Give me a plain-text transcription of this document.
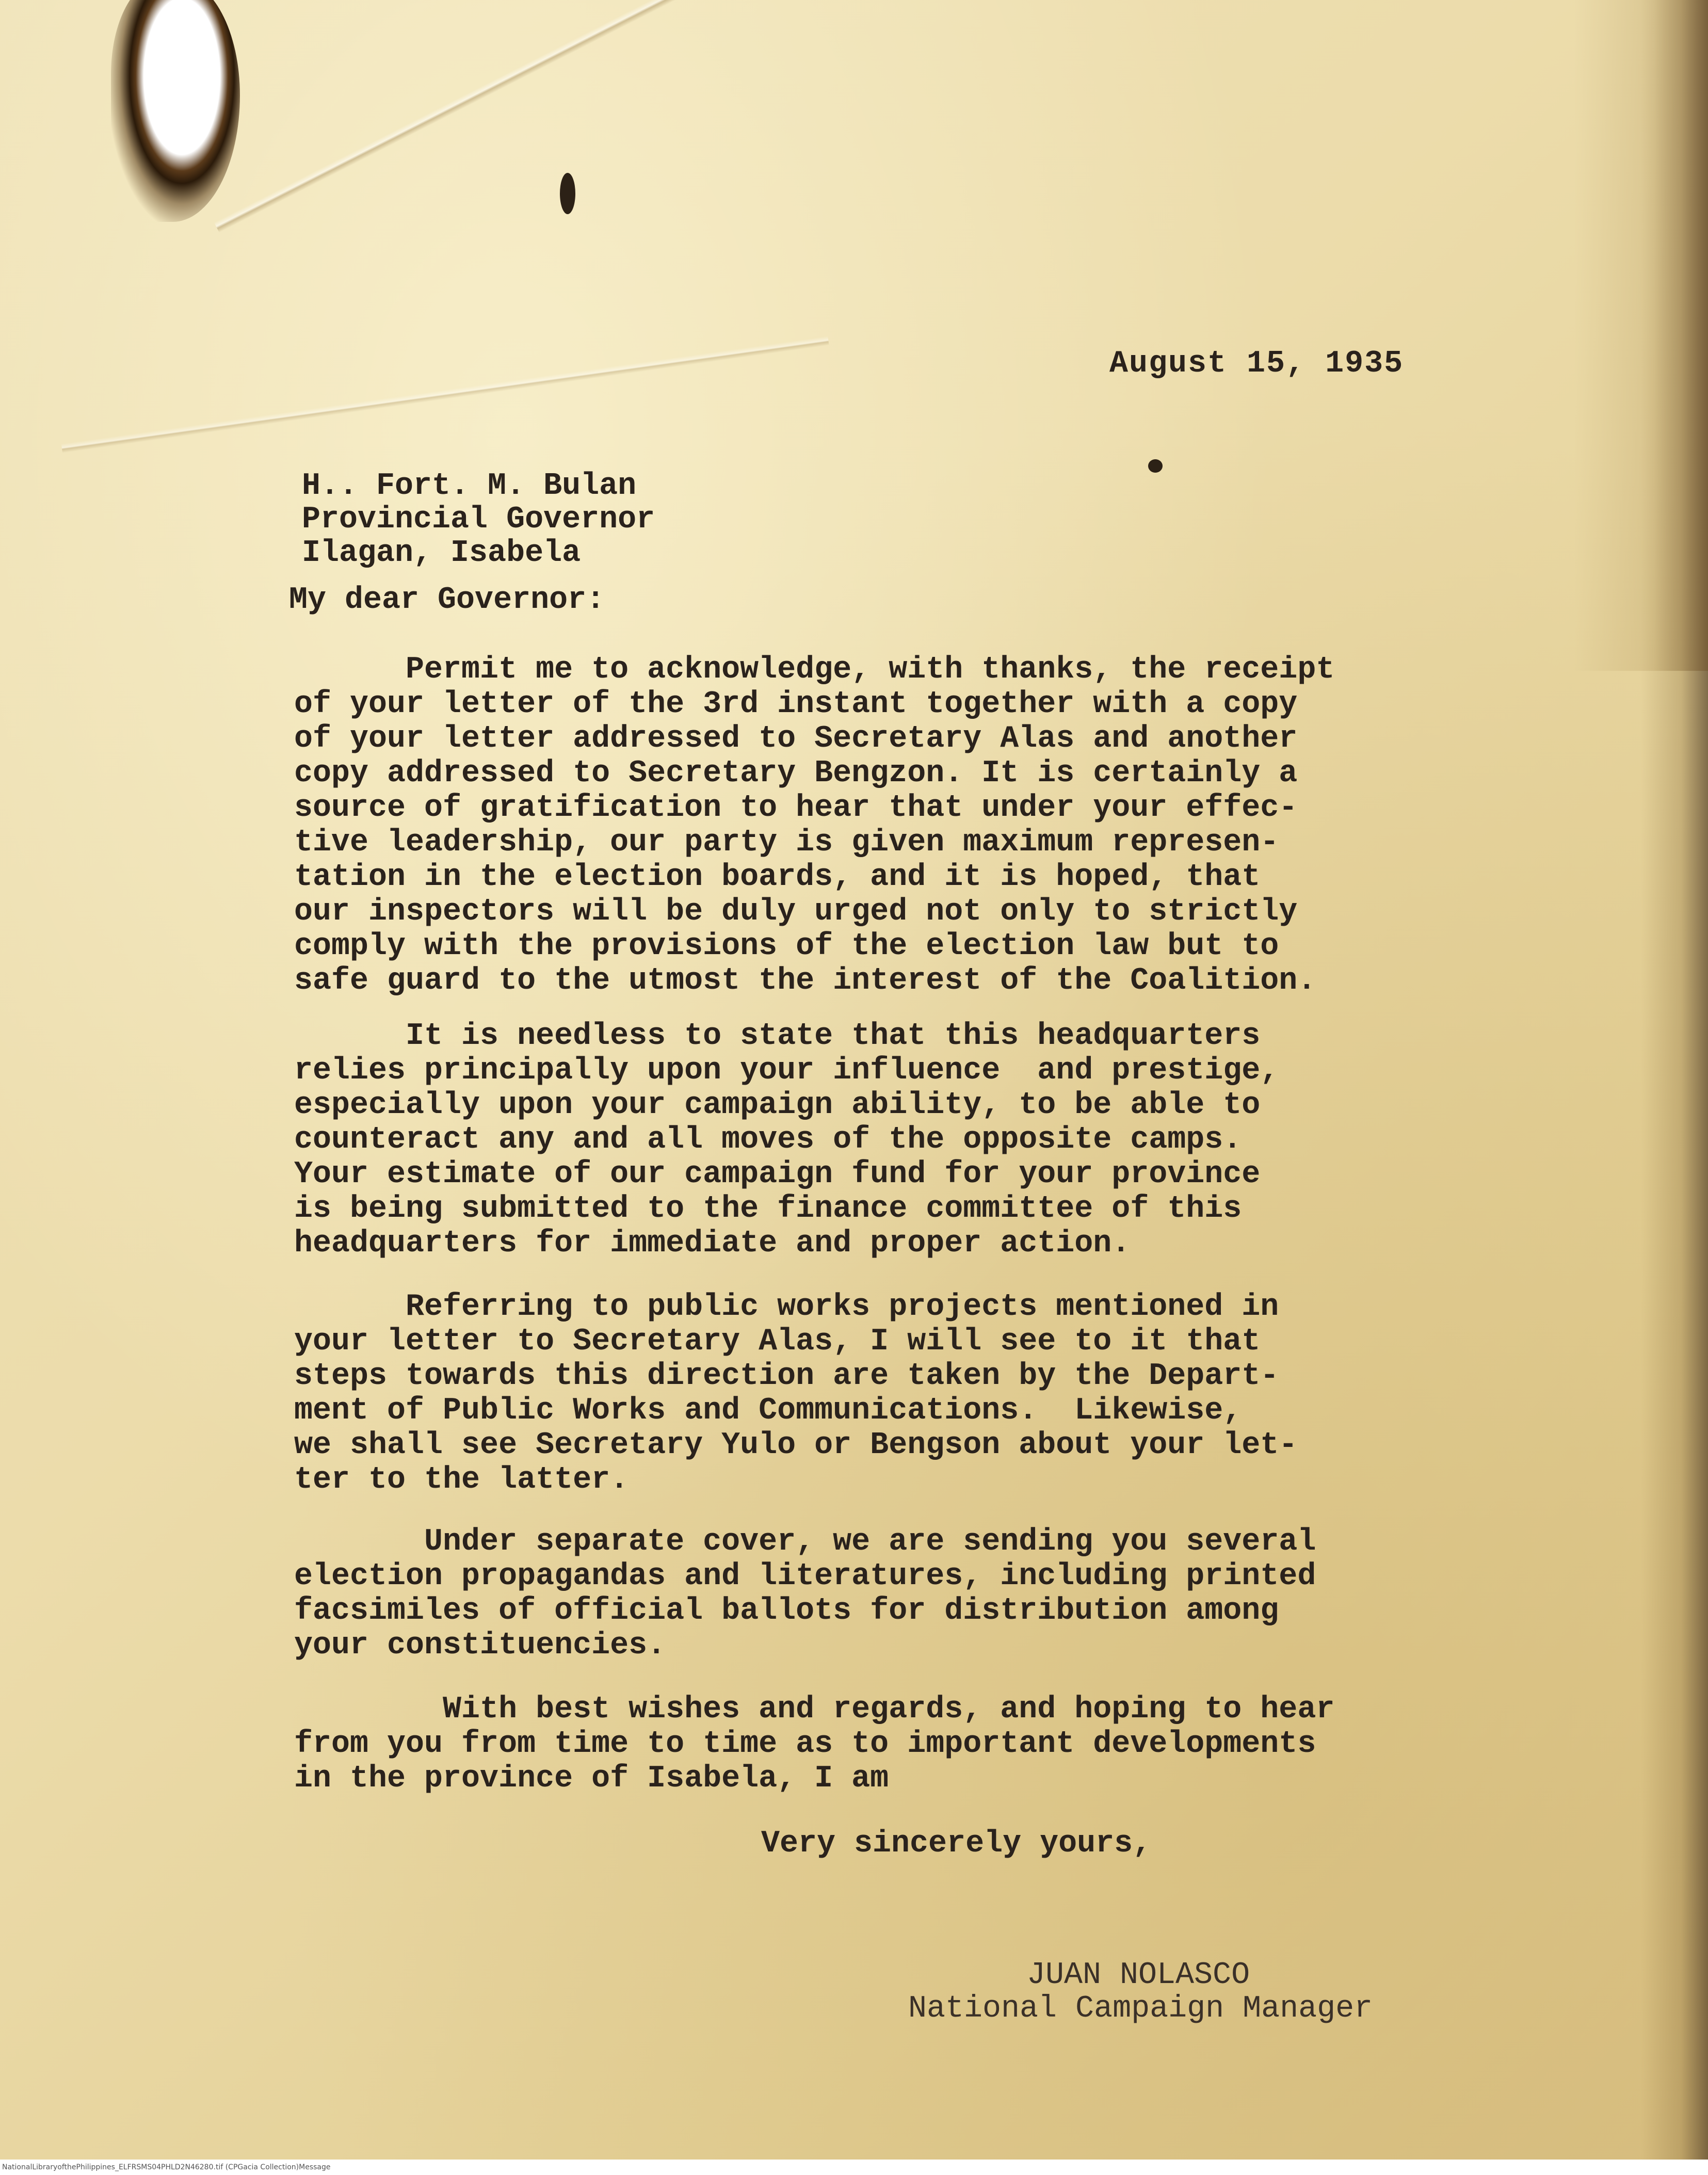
August 15, 1935
H.. Fort. M. Bulan
Provincial Governor
Ilagan, Isabela
My dear Governor:
Permit me to acknowledge, with thanks, the receipt
of your letter of the 3rd instant together with a copy
of your letter addressed to Secretary Alas and another
copy addressed to Secretary Bengzon. It is certainly a
source of gratification to hear that under your effec-
tive leadership, our party is given maximum represen-
tation in the election boards, and it is hoped, that
our inspectors will be duly urged not only to strictly
comply with the provisions of the election law but to
safe guard to the utmost the interest of the Coalition.
It is needless to state that this headquarters
relies principally upon your influence  and prestige,
especially upon your campaign ability, to be able to
counteract any and all moves of the opposite camps.
Your estimate of our campaign fund for your province
is being submitted to the finance committee of this
headquarters for immediate and proper action.
Referring to public works projects mentioned in
your letter to Secretary Alas, I will see to it that
steps towards this direction are taken by the Depart-
ment of Public Works and Communications.  Likewise,
we shall see Secretary Yulo or Bengson about your let-
ter to the latter.
Under separate cover, we are sending you several
election propagandas and literatures, including printed
facsimiles of official ballots for distribution among
your constituencies.
With best wishes and regards, and hoping to hear
from you from time to time as to important developments
in the province of Isabela, I am
Very sincerely yours,
JUAN NOLASCO
National Campaign Manager
NationalLibraryofthePhilippines_ELFRSMS04PHLD2N46280.tif (CPGacia Collection)Message
